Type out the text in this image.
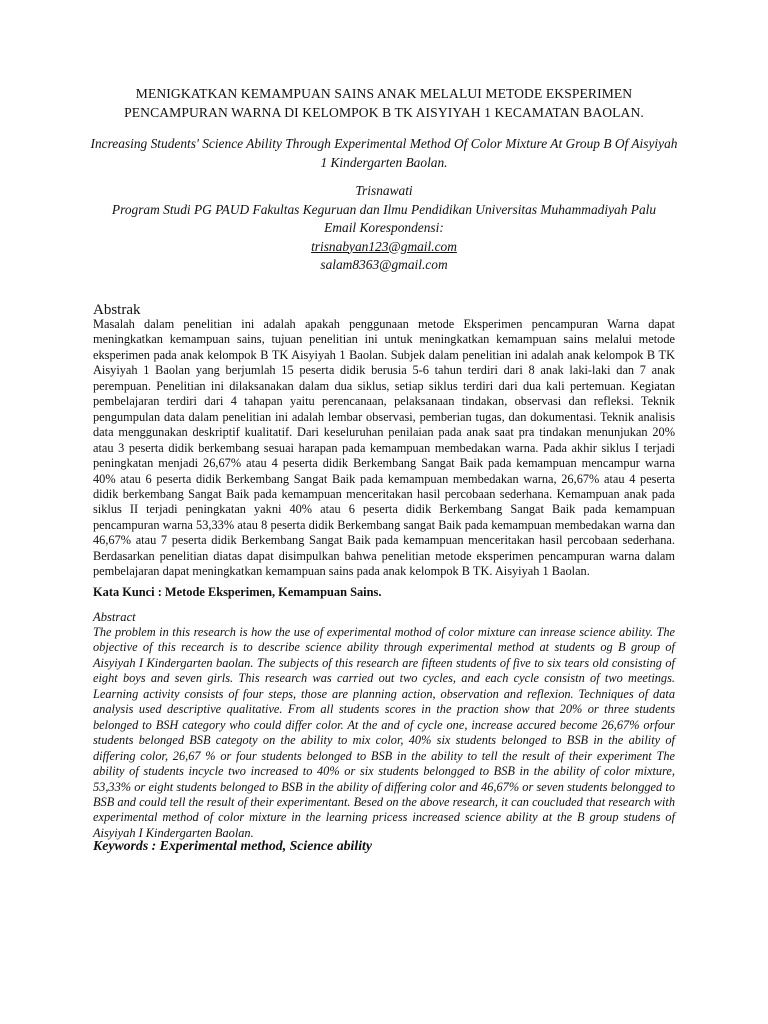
MENIGKATKAN KEMAMPUAN SAINS ANAK MELALUI METODE EKSPERIMEN PENCAMPURAN WARNA DI KELOMPOK B TK AISYIYAH 1 KECAMATAN BAOLAN.
Increasing Students' Science Ability Through Experimental Method Of Color Mixture At Group B Of Aisyiyah 1 Kindergarten Baolan.
Trisnawati
Program Studi PG PAUD Fakultas Keguruan dan Ilmu Pendidikan Universitas Muhammadiyah Palu
Email Korespondensi:
trisnabyan123@gmail.com
salam8363@gmail.com
Abstrak
Masalah dalam penelitian ini adalah apakah penggunaan metode Eksperimen pencampuran Warna dapat meningkatkan kemampuan sains, tujuan penelitian ini untuk meningkatkan kemampuan sains melalui metode eksperimen pada anak kelompok B TK Aisyiyah 1 Baolan. Subjek dalam penelitian ini adalah anak kelompok B TK Aisyiyah 1 Baolan yang berjumlah 15 peserta didik berusia 5-6 tahun terdiri dari 8 anak laki-laki dan 7 anak perempuan. Penelitian ini dilaksanakan dalam dua siklus, setiap siklus terdiri dari dua kali pertemuan. Kegiatan pembelajaran terdiri dari 4 tahapan yaitu perencanaan, pelaksanaan tindakan, observasi dan refleksi. Teknik pengumpulan data dalam penelitian ini adalah lembar observasi, pemberian tugas, dan dokumentasi. Teknik analisis data menggunakan deskriptif kualitatif. Dari keseluruhan penilaian pada anak saat pra tindakan menunjukan 20% atau 3 peserta didik berkembang sesuai harapan pada kemampuan membedakan warna. Pada akhir siklus I terjadi peningkatan menjadi 26,67% atau 4 peserta didik Berkembang Sangat Baik pada kemampuan mencampur warna 40% atau 6 peserta didik Berkembang Sangat Baik pada kemampuan membedakan warna, 26,67% atau 4 peserta didik berkembang Sangat Baik pada kemampuan menceritakan hasil percobaan sederhana. Kemampuan anak pada siklus II terjadi peningkatan yakni 40% atau 6 peserta didik Berkembang Sangat Baik pada kemampuan pencampuran warna 53,33% atau 8 peserta didik Berkembang sangat Baik pada kemampuan membedakan warna dan 46,67% atau 7 peserta didik Berkembang Sangat Baik pada kemampuan menceritakan hasil percobaan sederhana. Berdasarkan penelitian diatas dapat disimpulkan bahwa penelitian metode eksperimen pencampuran warna dalam pembelajaran dapat meningkatkan kemampuan sains pada anak kelompok B TK. Aisyiyah 1 Baolan.
Kata Kunci : Metode Eksperimen, Kemampuan Sains.
Abstract
The problem in this research is how the use of experimental mothod of color mixture can inrease science ability. The objective of this recearch is to describe science ability through experimental method at students og B group of Aisyiyah I Kindergarten baolan. The subjects of this research are fifteen students of five to six tears old consisting of eight boys and seven girls. This research was carried out two cycles, and each cycle consistn of two meetings. Learning activity consists of four steps, those are planning action, observation and reflexion. Techniques of data analysis used descriptive qualitative. From all students scores in the praction show that 20% or three students belonged to BSH category who could differ color. At the and of cycle one, increase accured become 26,67% orfour students belonged BSB categoty on the ability to mix color, 40% six students belonged to BSB in the ability of differing color, 26,67 % or four students belonged to BSB in the ability to tell the result of their experiment The ability of students incycle two increased to 40% or six students belongged to BSB in the ability of color mixture, 53,33% or eight students belonged to BSB in the ability of differing color and 46,67% or seven students belongged to BSB and could tell the result of their experimentant. Besed on the above research, it can coucluded that research with experimental method of color mixture in the learning pricess increased science ability at the B group studens of Aisyiyah I Kindergarten Baolan.
Keywords : Experimental method, Science ability
